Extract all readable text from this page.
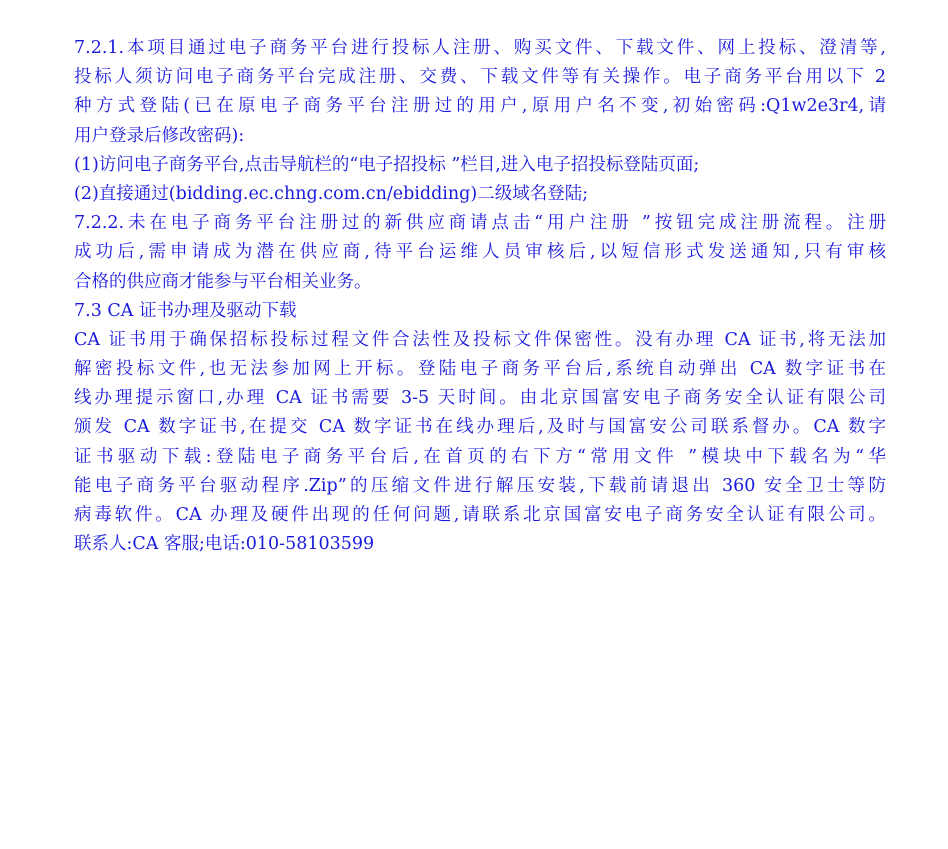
7.2.1.本项目通过电子商务平台进行投标人注册、购买文件、下载文件、网上投标、澄清等,
投标人须访问电子商务平台完成注册、交费、下载文件等有关操作。电子商务平台用以下 2
种方式登陆(已在原电子商务平台注册过的用户,原用户名不变,初始密码:Q1w2e3r4,请
用户登录后修改密码):
(1)访问电子商务平台,点击导航栏的“电子招投标 ”栏目,进入电子招投标登陆页面;
(2)直接通过(bidding.ec.chng.com.cn/ebidding)二级域名登陆;
7.2.2.未在电子商务平台注册过的新供应商请点击“用户注册 ”按钮完成注册流程。注册
成功后,需申请成为潜在供应商,待平台运维人员审核后,以短信形式发送通知,只有审核
合格的供应商才能参与平台相关业务。
7.3 CA 证书办理及驱动下载
CA 证书用于确保招标投标过程文件合法性及投标文件保密性。没有办理 CA 证书,将无法加
解密投标文件,也无法参加网上开标。登陆电子商务平台后,系统自动弹出 CA 数字证书在
线办理提示窗口,办理 CA 证书需要 3-5 天时间。由北京国富安电子商务安全认证有限公司
颁发 CA 数字证书,在提交 CA 数字证书在线办理后,及时与国富安公司联系督办。CA 数字
证书驱动下载:登陆电子商务平台后,在首页的右下方“常用文件 ”模块中下载名为“华
能电子商务平台驱动程序.Zip”的压缩文件进行解压安装,下载前请退出 360 安全卫士等防
病毒软件。CA 办理及硬件出现的任何问题,请联系北京国富安电子商务安全认证有限公司。
联系人:CA 客服;电话:010-58103599
